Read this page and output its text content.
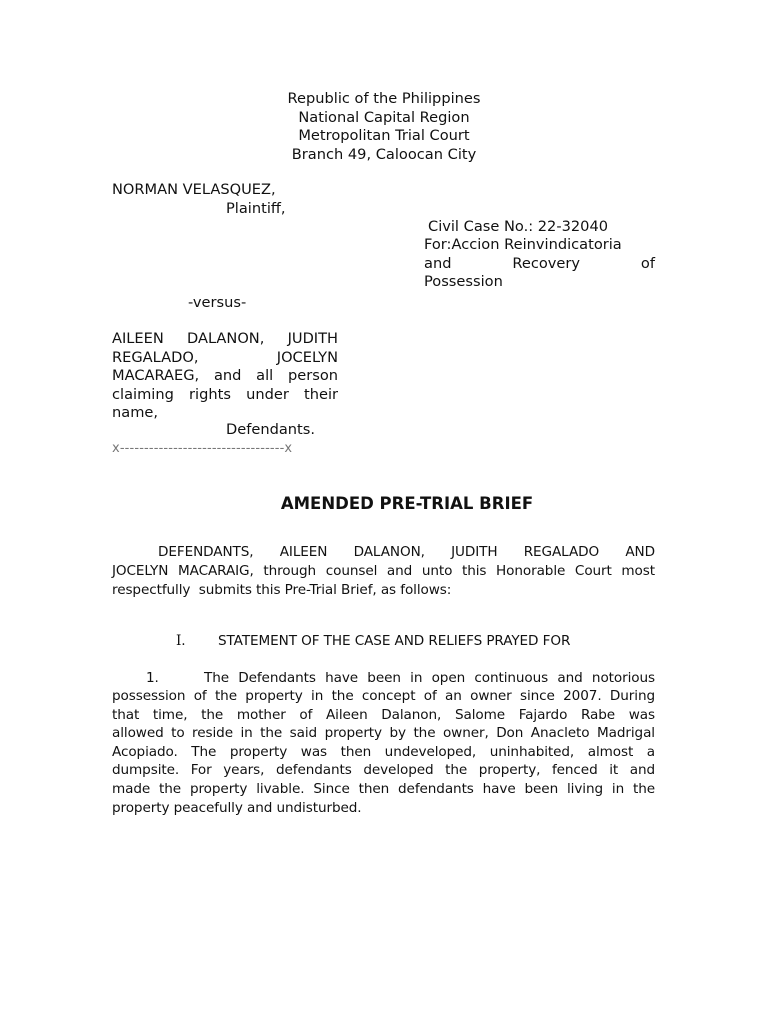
Republic of the Philippines
National Capital Region
Metropolitan Trial Court
Branch 49, Caloocan City
NORMAN VELASQUEZ,
Plaintiff,
Civil Case No.: 22-32040
For:Accion Reinvindicatoria
and Recovery of
Possession
-versus-
AILEEN DALANON, JUDITH
REGALADO, JOCELYN
MACARAEG, and all person
claiming rights under their
name,
Defendants.
x----------------------------------x
AMENDED PRE-TRIAL BRIEF
DEFENDANTS, AILEEN DALANON, JUDITH REGALADO AND
JOCELYN MACARAIG, through counsel and unto this Honorable Court most
respectfully  submits this Pre-Trial Brief, as follows:
I. STATEMENT OF THE CASE AND RELIEFS PRAYED FOR
1.	The Defendants have been in open continuous and notorious
possession of the property in the concept of an owner since 2007. During
that time, the mother of Aileen Dalanon, Salome Fajardo Rabe was
allowed to reside in the said property by the owner, Don Anacleto Madrigal
Acopiado. The property was then undeveloped, uninhabited, almost a
dumpsite. For years, defendants developed the property, fenced it and
made the property livable. Since then defendants have been living in the
property peacefully and undisturbed.
